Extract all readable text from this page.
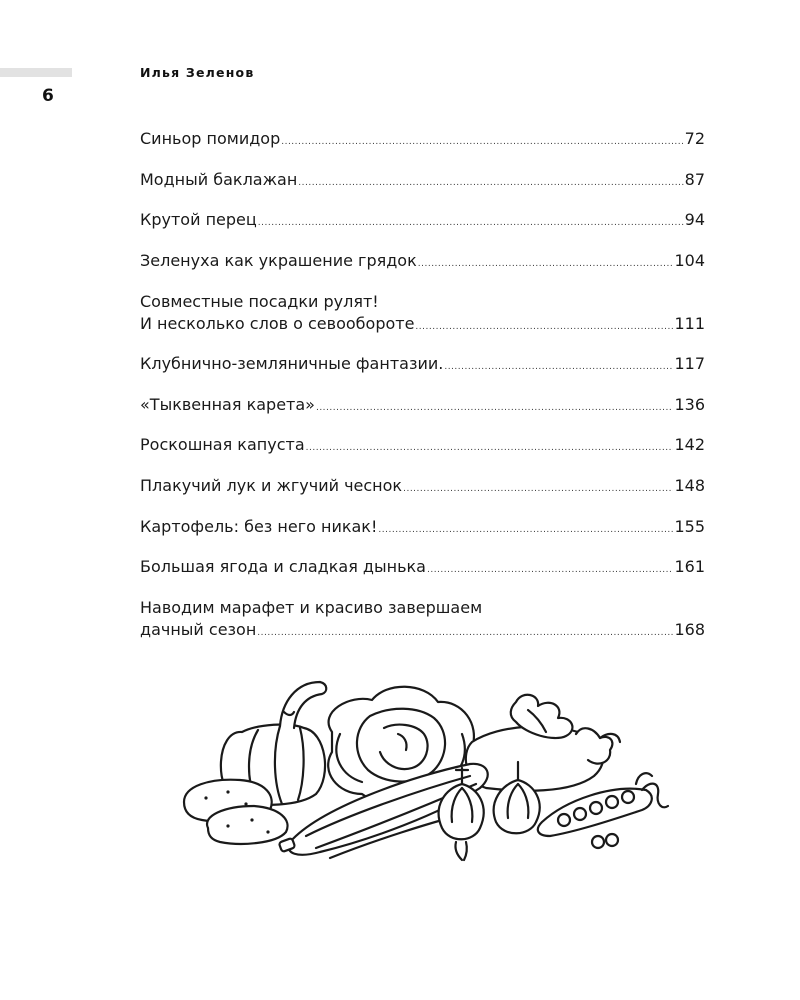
6
Илья Зеленов
Синьор помидор .....	72
Модный баклажан .....	87
Крутой перец .....	94
Зеленуха как украшение грядок .....	104
Совместные посадки рулят!
И несколько слов о севообороте .....	111
Клубнично-земляничные фантазии. .....	117
«Тыквенная карета» .....	136
Роскошная капуста .....	142
Плакучий лук и жгучий чеснок .....	148
Картофель: без него никак! .....	155
Большая ягода и сладкая дынька .....	161
Наводим марафет и красиво завершаем
дачный сезон .....	168
